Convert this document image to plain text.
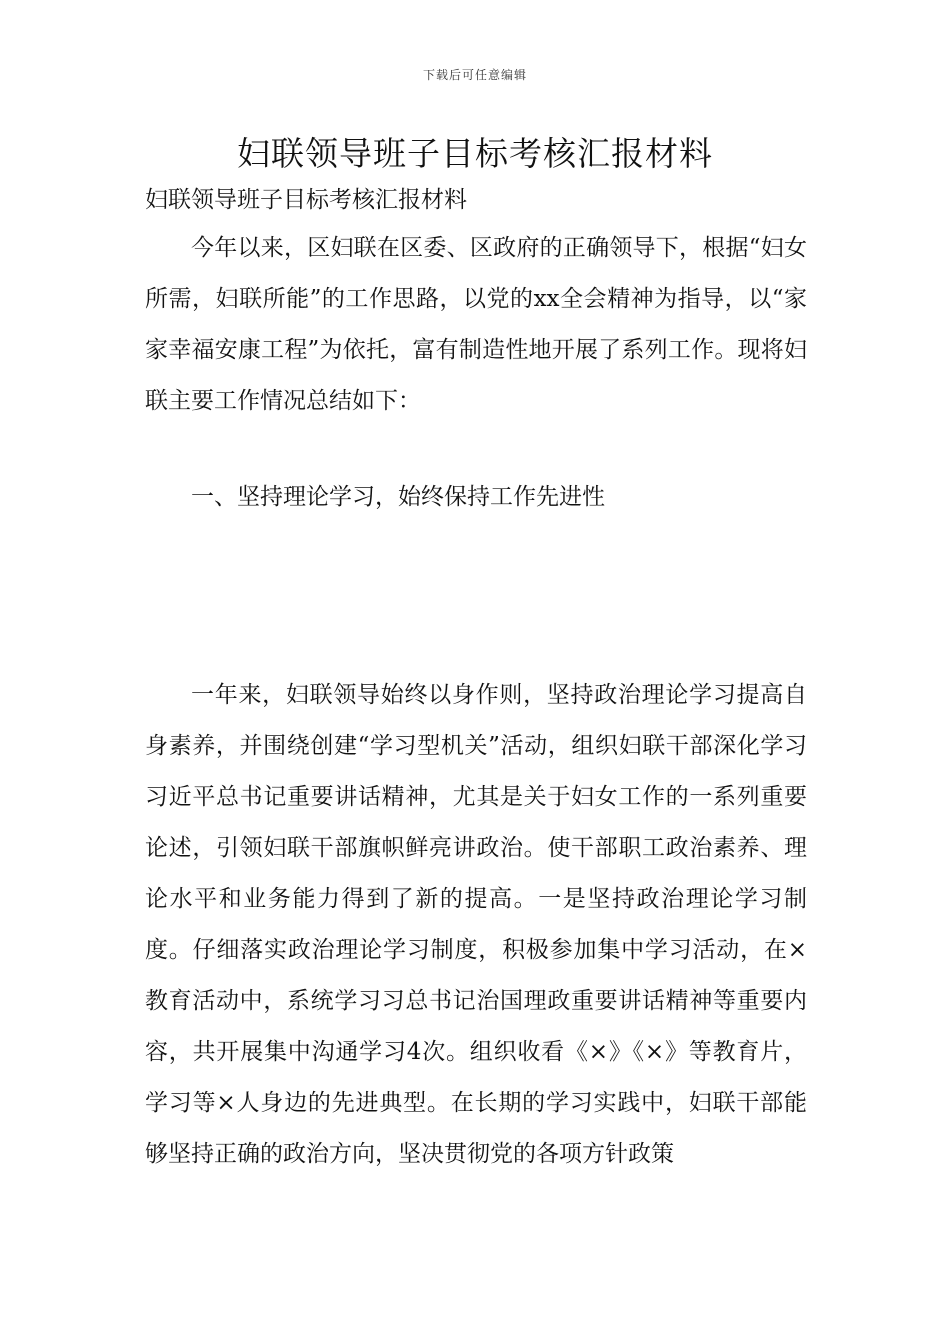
下载后可任意编辑
妇联领导班子目标考核汇报材料

妇联领导班子目标考核汇报材料

今年以来，区妇联在区委、区政府的正确领导下，根据“妇女所需，妇联所能”的工作思路，以党的xx全会精神为指导，以“家家幸福安康工程”为依托，富有制造性地开展了系列工作。现将妇联主要工作情况总结如下：

一、坚持理论学习，始终保持工作先进性

一年来，妇联领导始终以身作则，坚持政治理论学习提高自身素养，并围绕创建“学习型机关”活动，组织妇联干部深化学习习近平总书记重要讲话精神，尤其是关于妇女工作的一系列重要论述，引领妇联干部旗帜鲜亮讲政治。使干部职工政治素养、理论水平和业务能力得到了新的提高。一是坚持政治理论学习制度。仔细落实政治理论学习制度，积极参加集中学习活动，在×教育活动中，系统学习习总书记治国理政重要讲话精神等重要内容，共开展集中沟通学习4次。组织收看《×》《×》等教育片，学习等×人身边的先进典型。在长期的学习实践中，妇联干部能够坚持正确的政治方向，坚决贯彻党的各项方针政策
